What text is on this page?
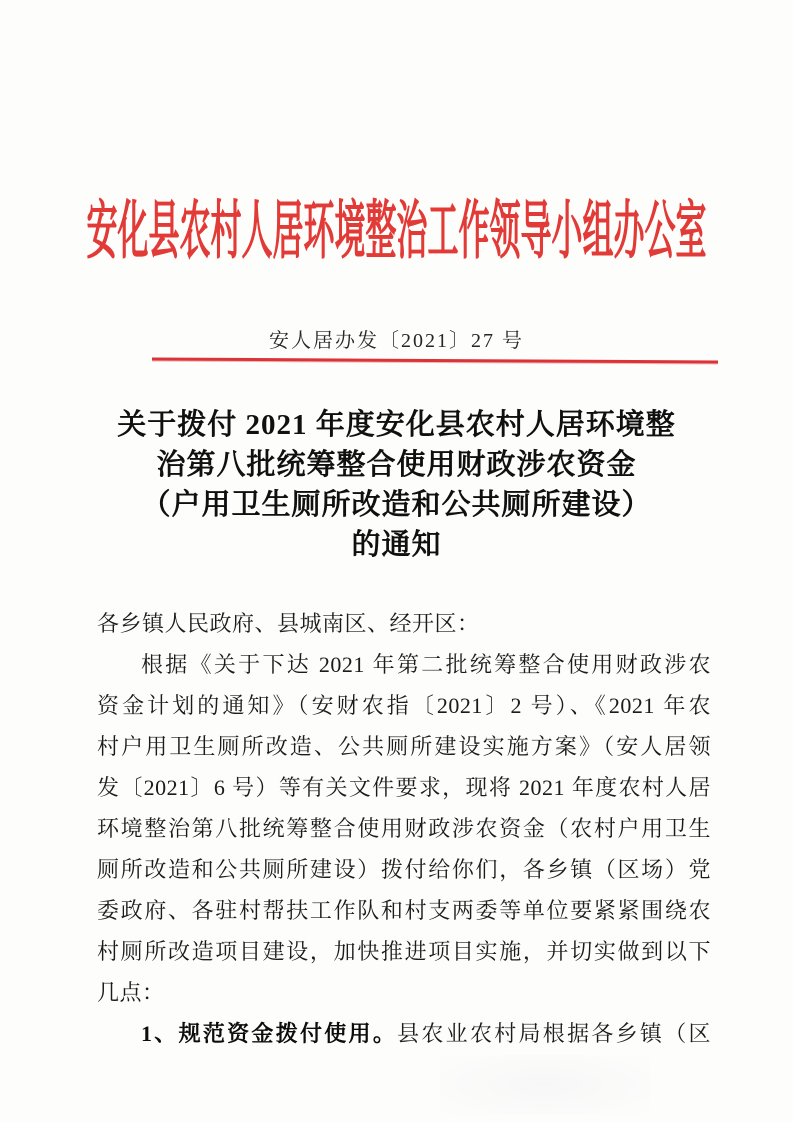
安化县农村人居环境整治工作领导小组办公室
安人居办发〔2021〕27 号
关于拨付 2021 年度安化县农村人居环境整
治第八批统筹整合使用财政涉农资金
（户用卫生厕所改造和公共厕所建设）
的通知
各乡镇人民政府、县城南区、经开区：
根据《关于下达 2021 年第二批统筹整合使用财政涉农
资金计划的通知》（安财农指〔2021〕2 号）、《2021 年农
村户用卫生厕所改造、公共厕所建设实施方案》（安人居领
发〔2021〕6 号）等有关文件要求，现将 2021 年度农村人居
环境整治第八批统筹整合使用财政涉农资金（农村户用卫生
厕所改造和公共厕所建设）拨付给你们，各乡镇（区场）党
委政府、各驻村帮扶工作队和村支两委等单位要紧紧围绕农
村厕所改造项目建设，加快推进项目实施，并切实做到以下
几点：
1、规范资金拨付使用。县农业农村局根据各乡镇（区
